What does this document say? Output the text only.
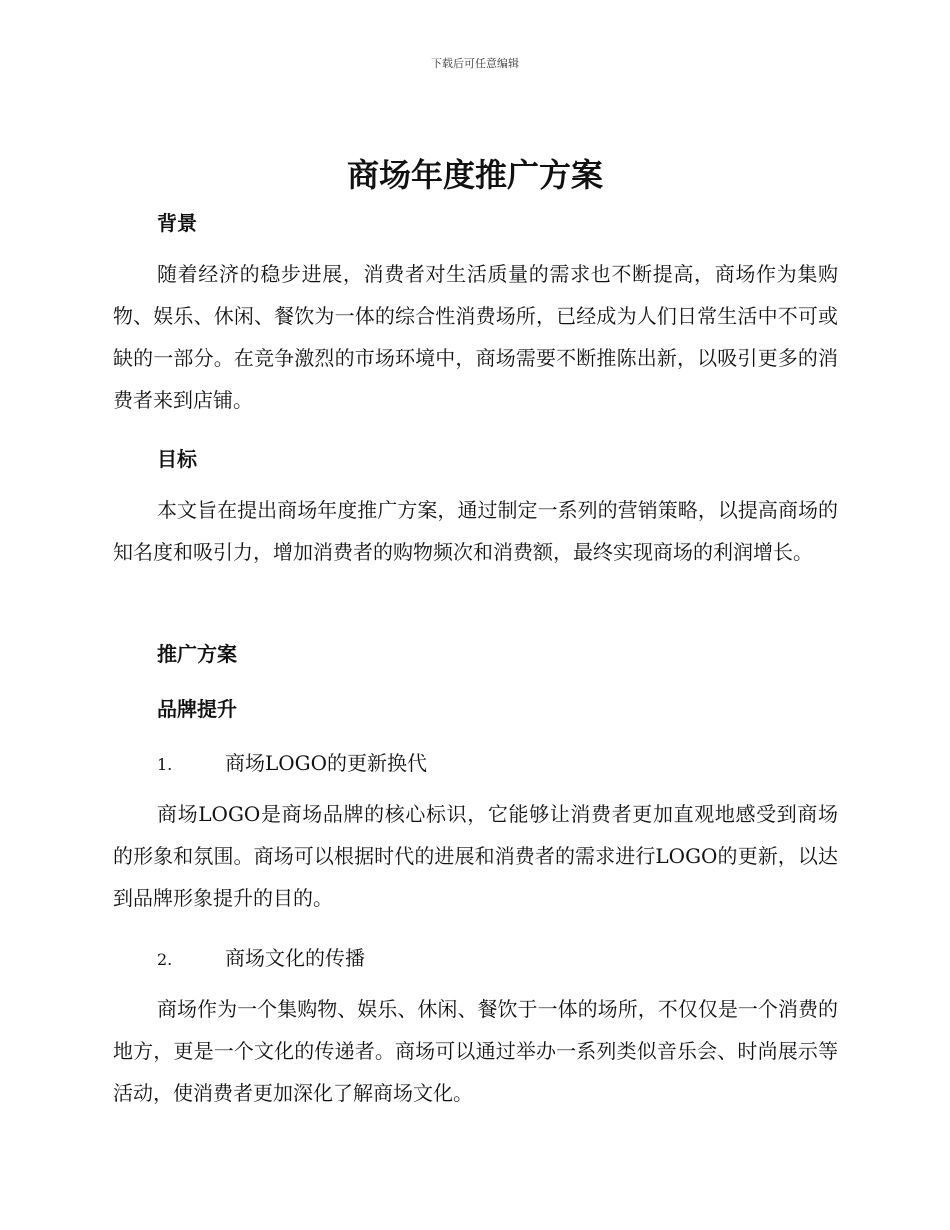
下载后可任意编辑
商场年度推广方案
背景

随着经济的稳步进展，消费者对生活质量的需求也不断提高，商场作为集购物、娱乐、休闲、餐饮为一体的综合性消费场所，已经成为人们日常生活中不可或缺的一部分。在竞争激烈的市场环境中，商场需要不断推陈出新，以吸引更多的消费者来到店铺。

目标

本文旨在提出商场年度推广方案，通过制定一系列的营销策略，以提高商场的知名度和吸引力，增加消费者的购物频次和消费额，最终实现商场的利润增长。

推广方案
品牌提升
1.	商场LOGO的更新换代

商场LOGO是商场品牌的核心标识，它能够让消费者更加直观地感受到商场的形象和氛围。商场可以根据时代的进展和消费者的需求进行LOGO的更新，以达到品牌形象提升的目的。

2.	商场文化的传播

商场作为一个集购物、娱乐、休闲、餐饮于一体的场所，不仅仅是一个消费的地方，更是一个文化的传递者。商场可以通过举办一系列类似音乐会、时尚展示等活动，使消费者更加深化了解商场文化。
